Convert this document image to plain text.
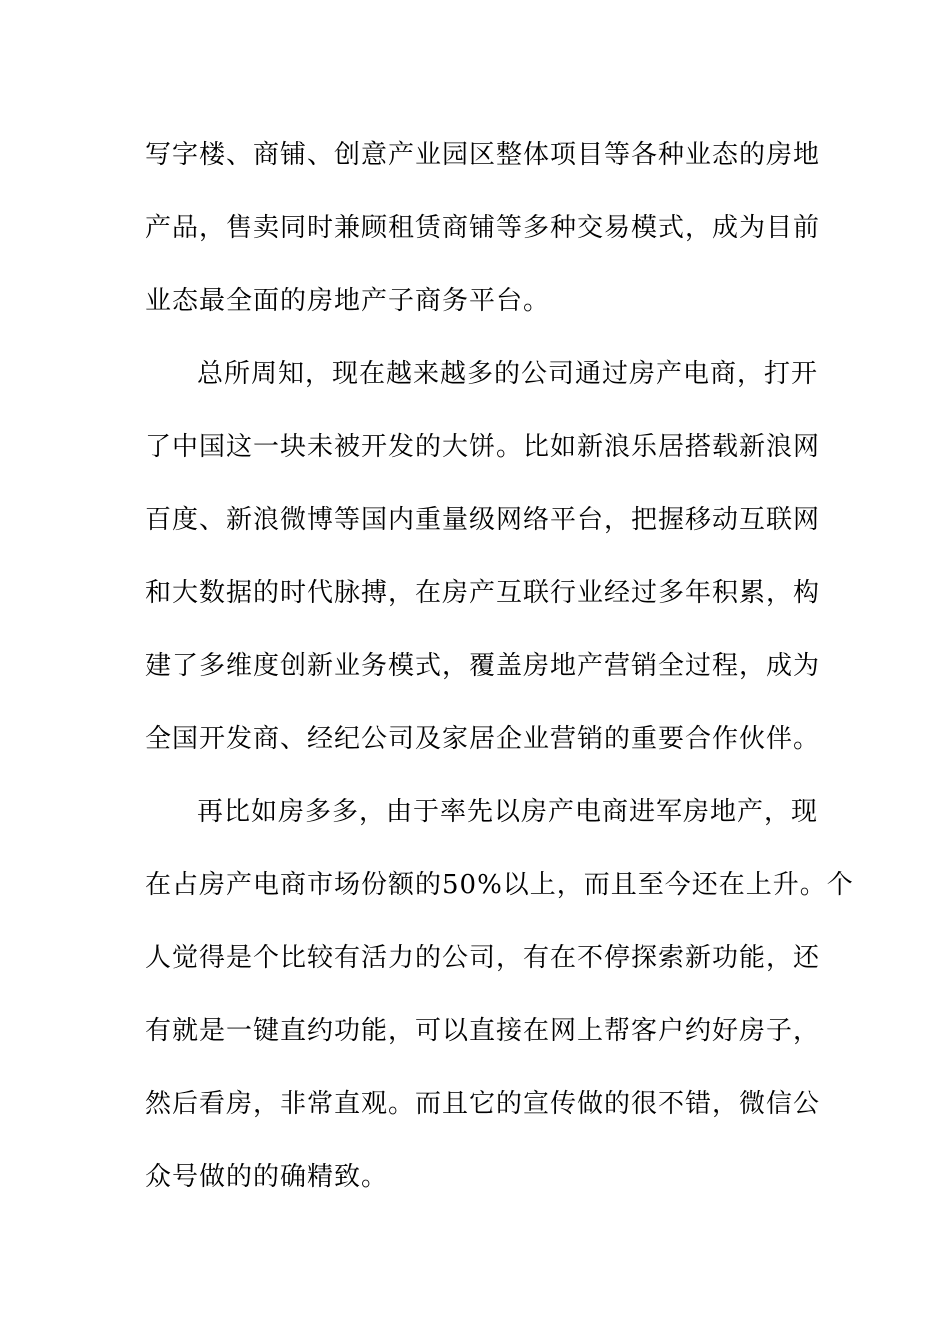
写字楼、商铺、创意产业园区整体项目等各种业态的房地
产品，售卖同时兼顾租赁商铺等多种交易模式，成为目前
业态最全面的房地产子商务平台。
总所周知，现在越来越多的公司通过房产电商，打开
了中国这一块未被开发的大饼。比如新浪乐居搭载新浪网
百度、新浪微博等国内重量级网络平台，把握移动互联网
和大数据的时代脉搏，在房产互联行业经过多年积累，构
建了多维度创新业务模式，覆盖房地产营销全过程，成为
全国开发商、经纪公司及家居企业营销的重要合作伙伴。
再比如房多多，由于率先以房产电商进军房地产，现
在占房产电商市场份额的50%以上，而且至今还在上升。个
人觉得是个比较有活力的公司，有在不停探索新功能，还
有就是一键直约功能，可以直接在网上帮客户约好房子，
然后看房，非常直观。而且它的宣传做的很不错，微信公
众号做的的确精致。
